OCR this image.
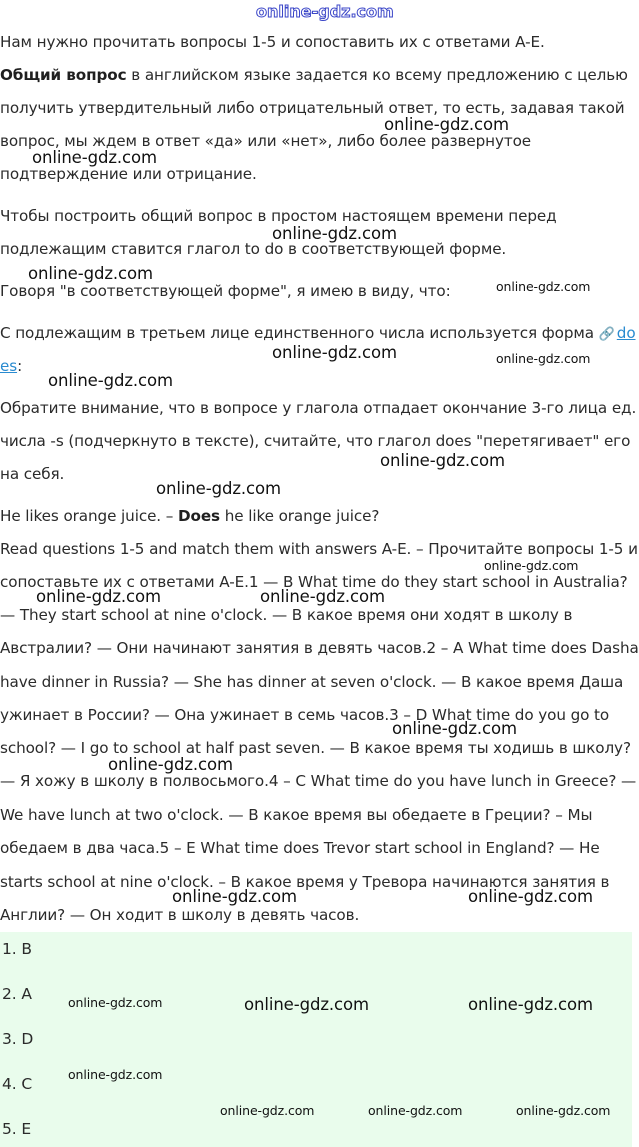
online-gdz.com
Нам нужно прочитать вопросы 1-5 и сопоставить их с ответами A-E.
Общий вопрос в английском языке задается ко всему предложению с целью
получить утвердительный либо отрицательный ответ, то есть, задавая такой
вопрос, мы ждем в ответ «да» или «нет», либо более развернутое
подтверждение или отрицание.
Чтобы построить общий вопрос в простом настоящем времени перед
подлежащим ставится глагол to do в соответствующей форме.
Говоря "в соответствующей форме", я имею в виду, что:
С подлежащим в третьем лице единственного числа используется форма 🔗 do
es:
Обратите внимание, что в вопросе у глагола отпадает окончание 3-го лица ед.
числа -s (подчеркнуто в тексте), считайте, что глагол does "перетягивает" его
на себя.
He likes orange juice. – Does he like orange juice?
Read questions 1-5 and match them with answers A-E. – Прочитайте вопросы 1-5 и
сопоставьте их с ответами A-E.1 — B What time do they start school in Australia?
— They start school at nine o'clock. — В какое время они ходят в школу в
Австралии? — Они начинают занятия в девять часов.2 – A What time does Dasha
have dinner in Russia? — She has dinner at seven o'clock. — В какое время Даша
ужинает в России? — Она ужинает в семь часов.3 – D What time do you go to
school? — I go to school at half past seven. — В какое время ты ходишь в школу?
— Я хожу в школу в полвосьмого.4 – C What time do you have lunch in Greece? —
We have lunch at two o'clock. — В какое время вы обедаете в Греции? – Мы
обедаем в два часа.5 – E What time does Trevor start school in England? — He
starts school at nine o'clock. – В какое время у Тревора начинаются занятия в
Англии? — Он ходит в школу в девять часов.
1. B
2. A
3. D
4. C
5. E
online-gdz.com
online-gdz.com
online-gdz.com
online-gdz.com
online-gdz.com
online-gdz.com	online-gdz.com
online-gdz.com
online-gdz.com
online-gdz.com
online-gdz.com
online-gdz.com	online-gdz.com
online-gdz.com
online-gdz.com
online-gdz.com	online-gdz.com
online-gdz.com	online-gdz.com	online-gdz.com
online-gdz.com
online-gdz.com	online-gdz.com	online-gdz.com
